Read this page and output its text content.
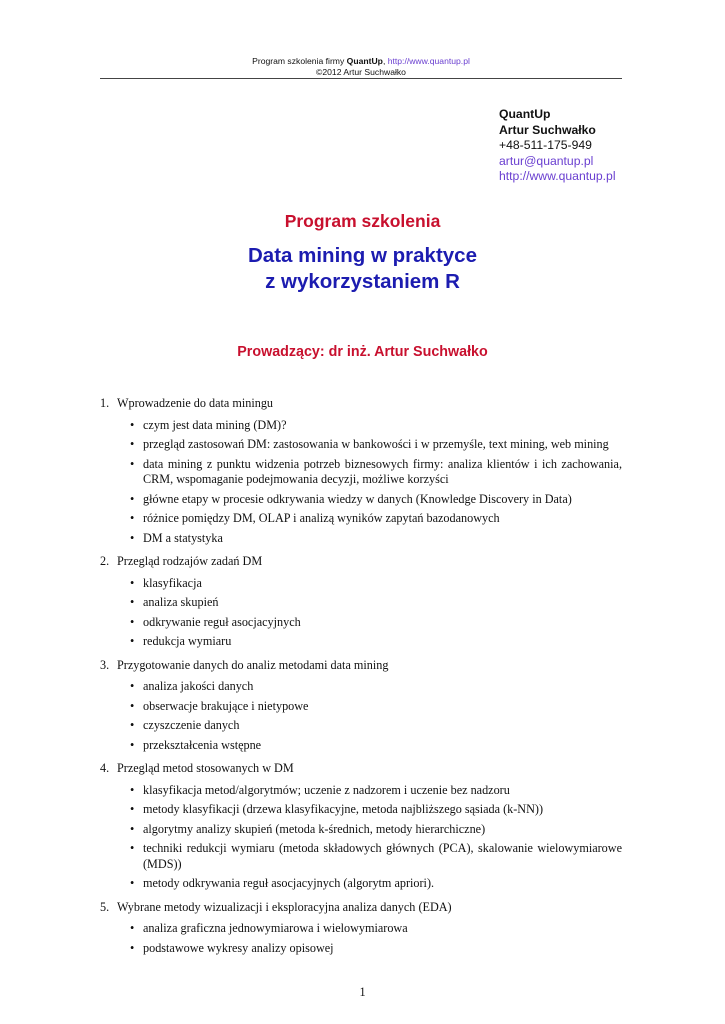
Program szkolenia firmy QuantUp, http://www.quantup.pl
©2012 Artur Suchwałko
QuantUp
Artur Suchwałko
+48-511-175-949
artur@quantup.pl
http://www.quantup.pl
Program szkolenia
Data mining w praktyce
z wykorzystaniem R
Prowadzący: dr inż. Artur Suchwałko
1. Wprowadzenie do data miningu
• czym jest data mining (DM)?
• przegląd zastosowań DM: zastosowania w bankowości i w przemyśle, text mining, web mining
• data mining z punktu widzenia potrzeb biznesowych firmy: analiza klientów i ich zachowania, CRM, wspomaganie podejmowania decyzji, możliwe korzyści
• główne etapy w procesie odkrywania wiedzy w danych (Knowledge Discovery in Data)
• różnice pomiędzy DM, OLAP i analizą wyników zapytań bazodanowych
• DM a statystyka
2. Przegląd rodzajów zadań DM
• klasyfikacja
• analiza skupień
• odkrywanie reguł asocjacyjnych
• redukcja wymiaru
3. Przygotowanie danych do analiz metodami data mining
• analiza jakości danych
• obserwacje brakujące i nietypowe
• czyszczenie danych
• przekształcenia wstępne
4. Przegląd metod stosowanych w DM
• klasyfikacja metod/algorytmów; uczenie z nadzorem i uczenie bez nadzoru
• metody klasyfikacji (drzewa klasyfikacyjne, metoda najbliższego sąsiada (k-NN))
• algorytmy analizy skupień (metoda k-średnich, metody hierarchiczne)
• techniki redukcji wymiaru (metoda składowych głównych (PCA), skalowanie wielowymiarowe (MDS))
• metody odkrywania reguł asocjacyjnych (algorytm apriori).
5. Wybrane metody wizualizacji i eksploracyjna analiza danych (EDA)
• analiza graficzna jednowymiarowa i wielowymiarowa
• podstawowe wykresy analizy opisowej
1
